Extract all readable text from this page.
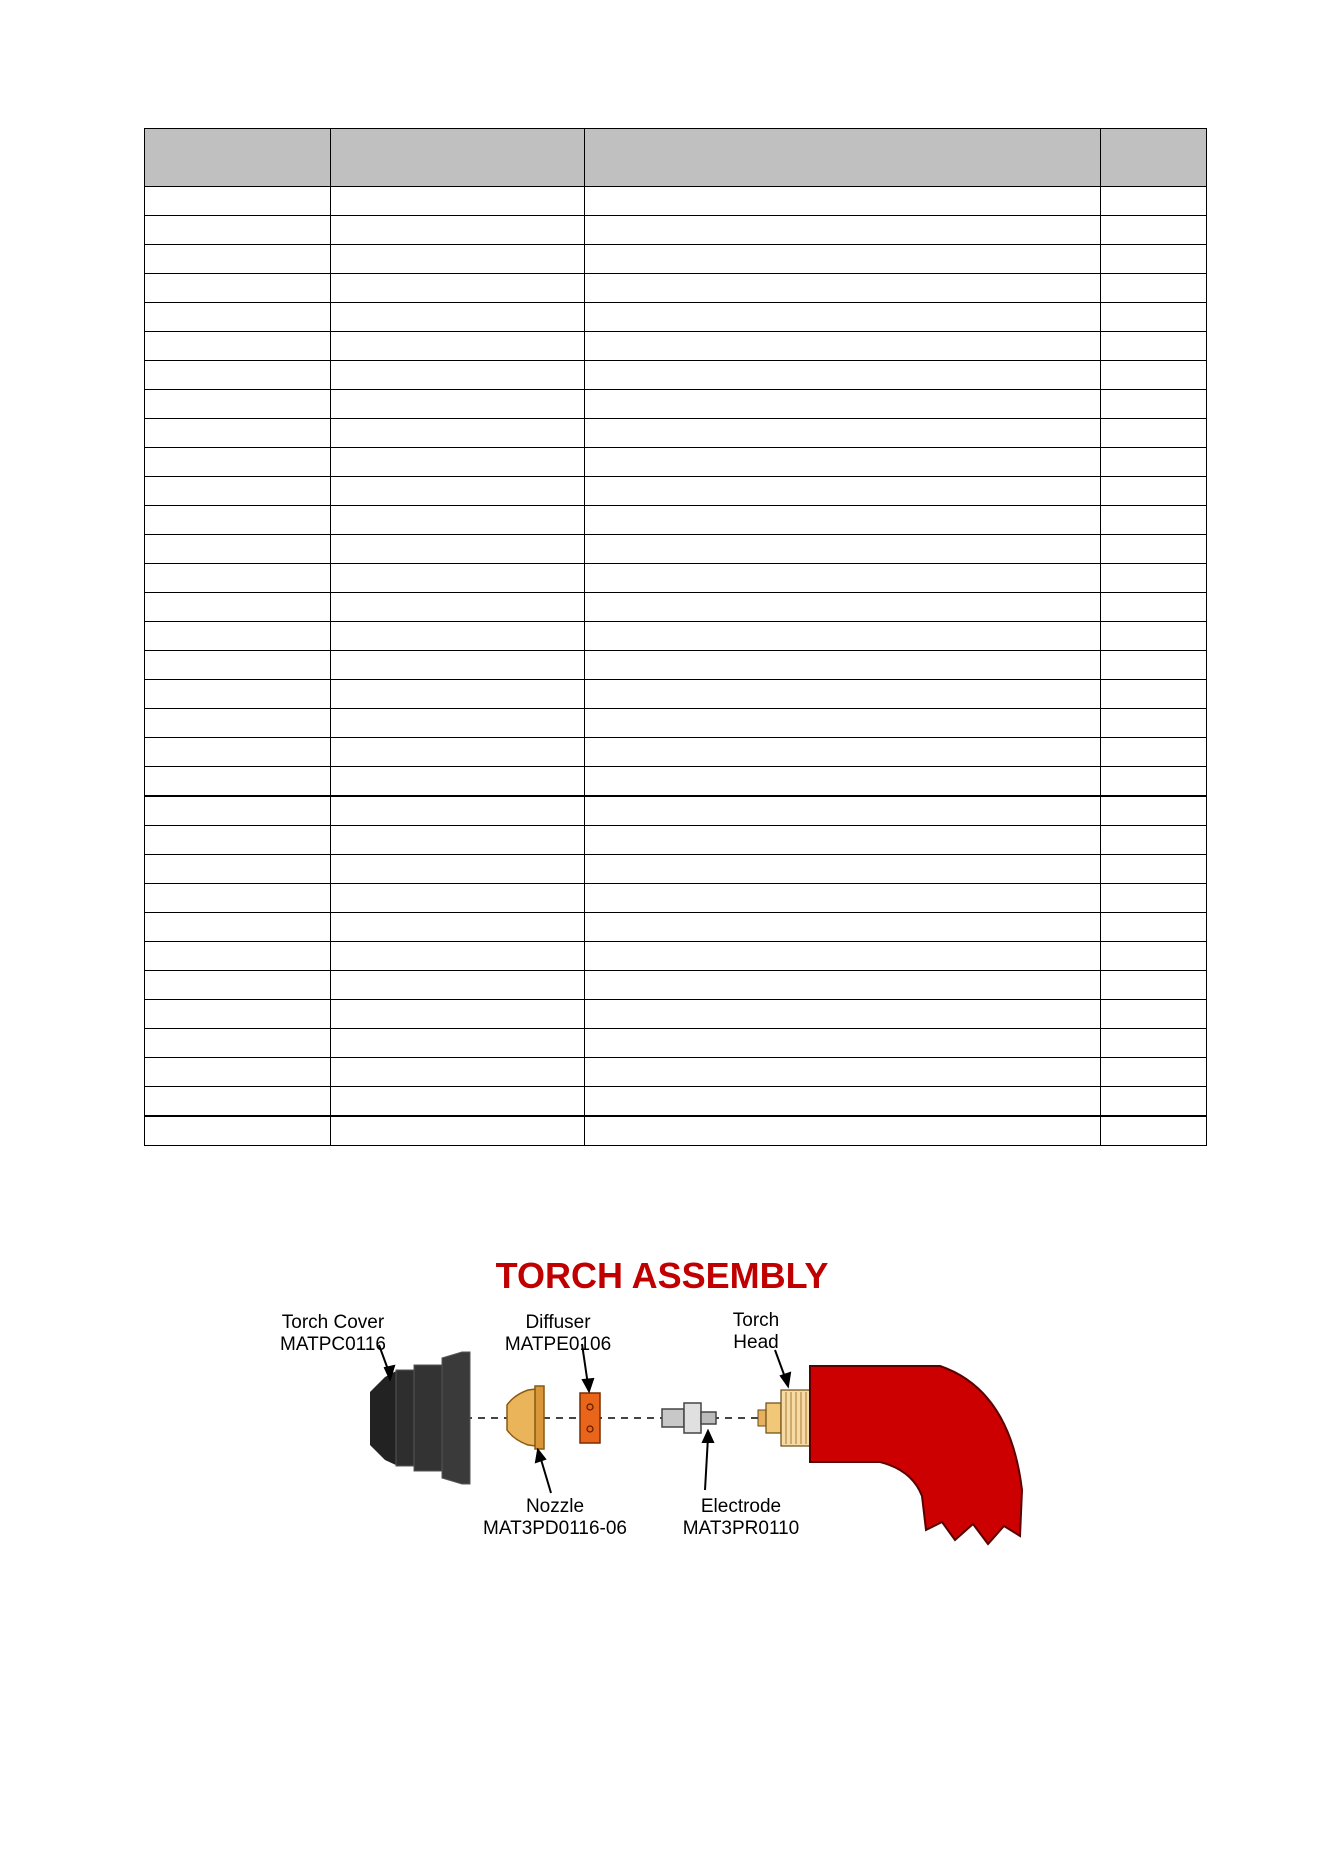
TORCH ASSEMBLY
Torch Cover
MATPC0116
Diffuser
MATPE0106
Torch
Head
Nozzle
MAT3PD0116-06
Electrode
MAT3PR0110
